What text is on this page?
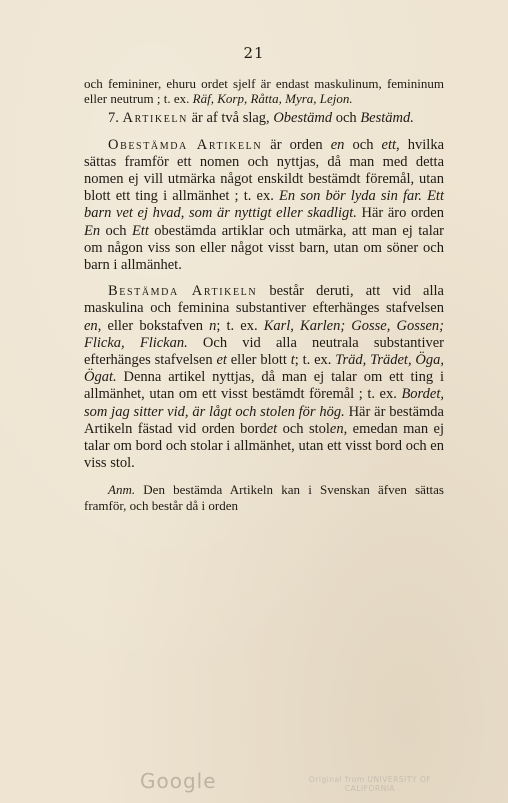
21

och femininer, ehuru ordet sjelf är endast maskulinum, femininum eller neutrum ; t. ex. Räf, Korp, Råtta, Myra, Lejon.

7. Artikeln är af två slag, Obestämd och Bestämd.

Obestämda Artikeln är orden en och ett, hvilka sättas framför ett nomen och nyttjas, då man med detta nomen ej vill utmärka något enskildt bestämdt föremål, utan blott ett ting i allmänhet ; t. ex. En son bör lyda sin far. Ett barn vet ej hvad, som är nyttigt eller skadligt. Här äro orden En och Ett obestämda artiklar och utmärka, att man ej talar om någon viss son eller något visst barn, utan om söner och barn i allmänhet.

Bestämda Artikeln består deruti, att vid alla maskulina och feminina substantiver efterhänges stafvelsen en, eller bokstafven n; t. ex. Karl, Karlen; Gosse, Gossen; Flicka, Flickan. Och vid alla neutrala substantiver efterhänges stafvelsen et eller blott t; t. ex. Träd, Trädet, Öga, Ögat. Denna artikel nyttjas, då man ej talar om ett ting i allmänhet, utan om ett visst bestämdt föremål ; t. ex. Bordet, som jag sitter vid, är lågt och stolen för hög. Här är bestämda Artikeln fästad vid orden bordet och stolen, emedan man ej talar om bord och stolar i allmänhet, utan ett visst bord och en viss stol.

Anm. Den bestämda Artikeln kan i Svenskan äfven sättas framför, och består då i orden

Google	Original from UNIVERSITY OF CALIFORNIA
